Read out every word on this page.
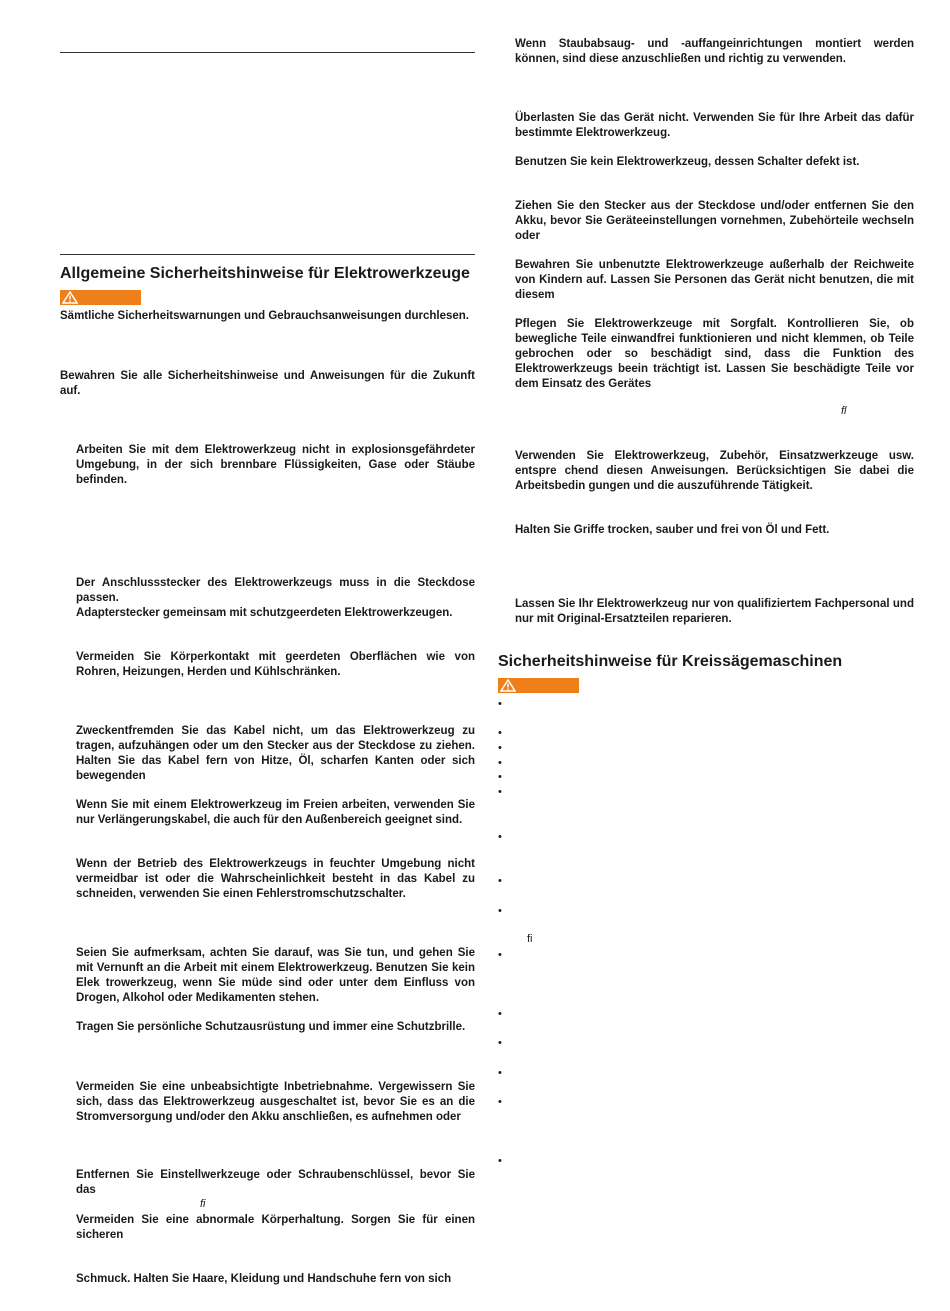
Allgemeine Sicherheitshinweise für Elektrowerkzeuge

Sämtliche Sicherheitswarnungen und Gebrauchsanweisungen durchlesen.

Bewahren Sie alle Sicherheitshinweise und Anweisungen für die Zukunft auf.

Arbeiten Sie mit dem Elektrowerkzeug nicht in explosionsgefährdeter Umgebung, in der sich brennbare Flüssigkeiten, Gase oder Stäube befinden.

Der Anschlussstecker des Elektrowerkzeugs muss in die Steckdose passen.

Adapterstecker gemeinsam mit schutzgeerdeten Elektrowerkzeugen.

Vermeiden Sie Körperkontakt mit geerdeten Oberflächen wie von Rohren, Heizungen, Herden und Kühlschränken.

Zweckentfremden Sie das Kabel nicht, um das Elektrowerkzeug zu tragen, aufzuhängen oder um den Stecker aus der Steckdose zu ziehen. Halten Sie das Kabel fern von Hitze, Öl, scharfen Kanten oder sich bewegenden

Wenn Sie mit einem Elektrowerkzeug im Freien arbeiten, verwenden Sie nur Verlängerungskabel, die auch für den Außenbereich geeignet sind.

Wenn der Betrieb des Elektrowerkzeugs in feuchter Umgebung nicht vermeidbar ist oder die Wahrscheinlichkeit besteht in das Kabel zu schneiden, verwenden Sie einen Fehlerstromschutzschalter.

Seien Sie aufmerksam, achten Sie darauf, was Sie tun, und gehen Sie mit Vernunft an die Arbeit mit einem Elektrowerkzeug. Benutzen Sie kein Elek trowerkzeug, wenn Sie müde sind oder unter dem Einfluss von Drogen, Alkohol oder Medikamenten stehen.

Tragen Sie persönliche Schutzausrüstung und immer eine Schutzbrille.

Vermeiden Sie eine unbeabsichtigte Inbetriebnahme. Vergewissern Sie sich, dass das Elektrowerkzeug ausgeschaltet ist, bevor Sie es an die Stromversorgung und/oder den Akku anschließen, es aufnehmen oder

Entfernen Sie Einstellwerkzeuge oder Schraubenschlüssel, bevor Sie das

fi

Vermeiden Sie eine abnormale Körperhaltung. Sorgen Sie für einen sicheren

Schmuck. Halten Sie Haare, Kleidung und Handschuhe fern von sich

Wenn Staubabsaug- und -auffangeinrichtungen montiert werden können, sind diese anzuschließen und richtig zu verwenden.

Überlasten Sie das Gerät nicht. Verwenden Sie für Ihre Arbeit das dafür bestimmte Elektrowerkzeug.

Benutzen Sie kein Elektrowerkzeug, dessen Schalter defekt ist.

Ziehen Sie den Stecker aus der Steckdose und/oder entfernen Sie den Akku, bevor Sie Geräteeinstellungen vornehmen, Zubehörteile wechseln oder

Bewahren Sie unbenutzte Elektrowerkzeuge außerhalb der Reichweite von Kindern auf. Lassen Sie Personen das Gerät nicht benutzen, die mit diesem

Pflegen Sie Elektrowerkzeuge mit Sorgfalt. Kontrollieren Sie, ob bewegliche Teile einwandfrei funktionieren und nicht klemmen, ob Teile gebrochen oder so beschädigt sind, dass die Funktion des Elektrowerkzeugs beein trächtigt ist. Lassen Sie beschädigte Teile vor dem Einsatz des Gerätes

fl

Verwenden Sie Elektrowerkzeug, Zubehör, Einsatzwerkzeuge usw. entspre chend diesen Anweisungen. Berücksichtigen Sie dabei die Arbeitsbedin gungen und die auszuführende Tätigkeit.

Halten Sie Griffe trocken, sauber und frei von Öl und Fett.

Lassen Sie Ihr Elektrowerkzeug nur von qualifiziertem Fachpersonal und nur mit Original-Ersatzteilen reparieren.

Sicherheitshinweise für Kreissägemaschinen
•
•
•
•
•
•
•
•
•
fi
•
•
•
•
•
•
